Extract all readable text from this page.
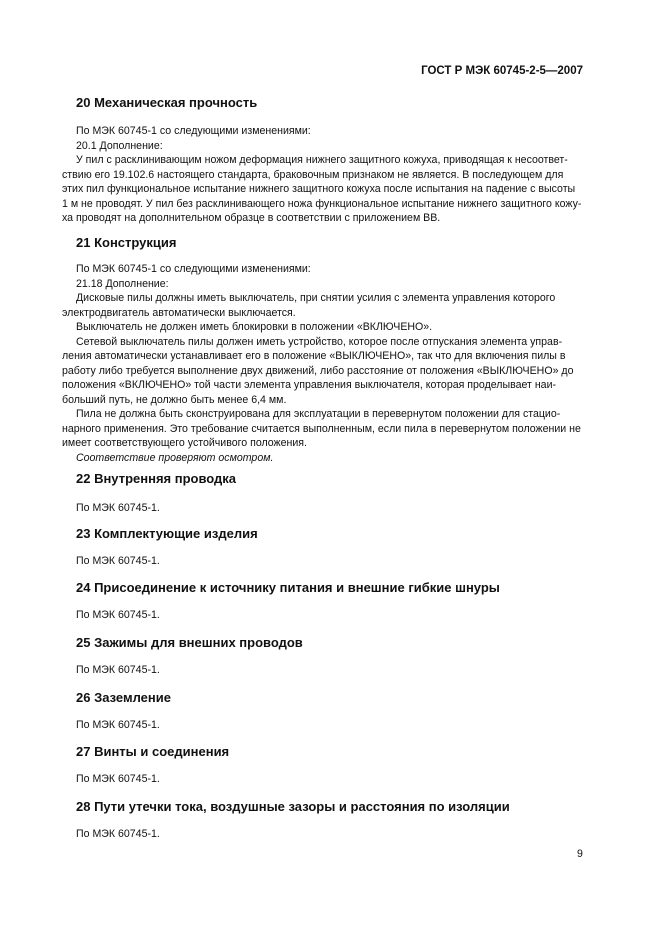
ГОСТ Р МЭК 60745-2-5—2007
20 Механическая прочность
По МЭК 60745-1 со следующими изменениями:
20.1 Дополнение:
У пил с расклинивающим ножом деформация нижнего защитного кожуха, приводящая к несоответ-
ствию его 19.102.6 настоящего стандарта, браковочным признаком не является. В последующем для
этих пил функциональное испытание нижнего защитного кожуха после испытания на падение с высоты
1 м не проводят. У пил без расклинивающего ножа функциональное испытание нижнего защитного кожу-
ха проводят на дополнительном образце в соответствии с приложением ВВ.
21 Конструкция
По МЭК 60745-1 со следующими изменениями:
21.18 Дополнение:
Дисковые пилы должны иметь выключатель, при снятии усилия с элемента управления которого
электродвигатель автоматически выключается.
Выключатель не должен иметь блокировки в положении «ВКЛЮЧЕНО».
Сетевой выключатель пилы должен иметь устройство, которое после отпускания элемента управ-
ления автоматически устанавливает его в положение «ВЫКЛЮЧЕНО», так что для включения пилы в
работу либо требуется выполнение двух движений, либо расстояние от положения «ВЫКЛЮЧЕНО» до
положения «ВКЛЮЧЕНО» той части элемента управления выключателя, которая проделывает наи-
больший путь, не должно быть менее 6,4 мм.
Пила не должна быть сконструирована для эксплуатации в перевернутом положении для стацио-
нарного применения. Это требование считается выполненным, если пила в перевернутом положении не
имеет соответствующего устойчивого положения.
Соответствие проверяют осмотром.
22 Внутренняя проводка
По МЭК 60745-1.
23 Комплектующие изделия
По МЭК 60745-1.
24 Присоединение к источнику питания и внешние гибкие шнуры
По МЭК 60745-1.
25 Зажимы для внешних проводов
По МЭК 60745-1.
26 Заземление
По МЭК 60745-1.
27 Винты и соединения
По МЭК 60745-1.
28 Пути утечки тока, воздушные зазоры и расстояния по изоляции
По МЭК 60745-1.
9
